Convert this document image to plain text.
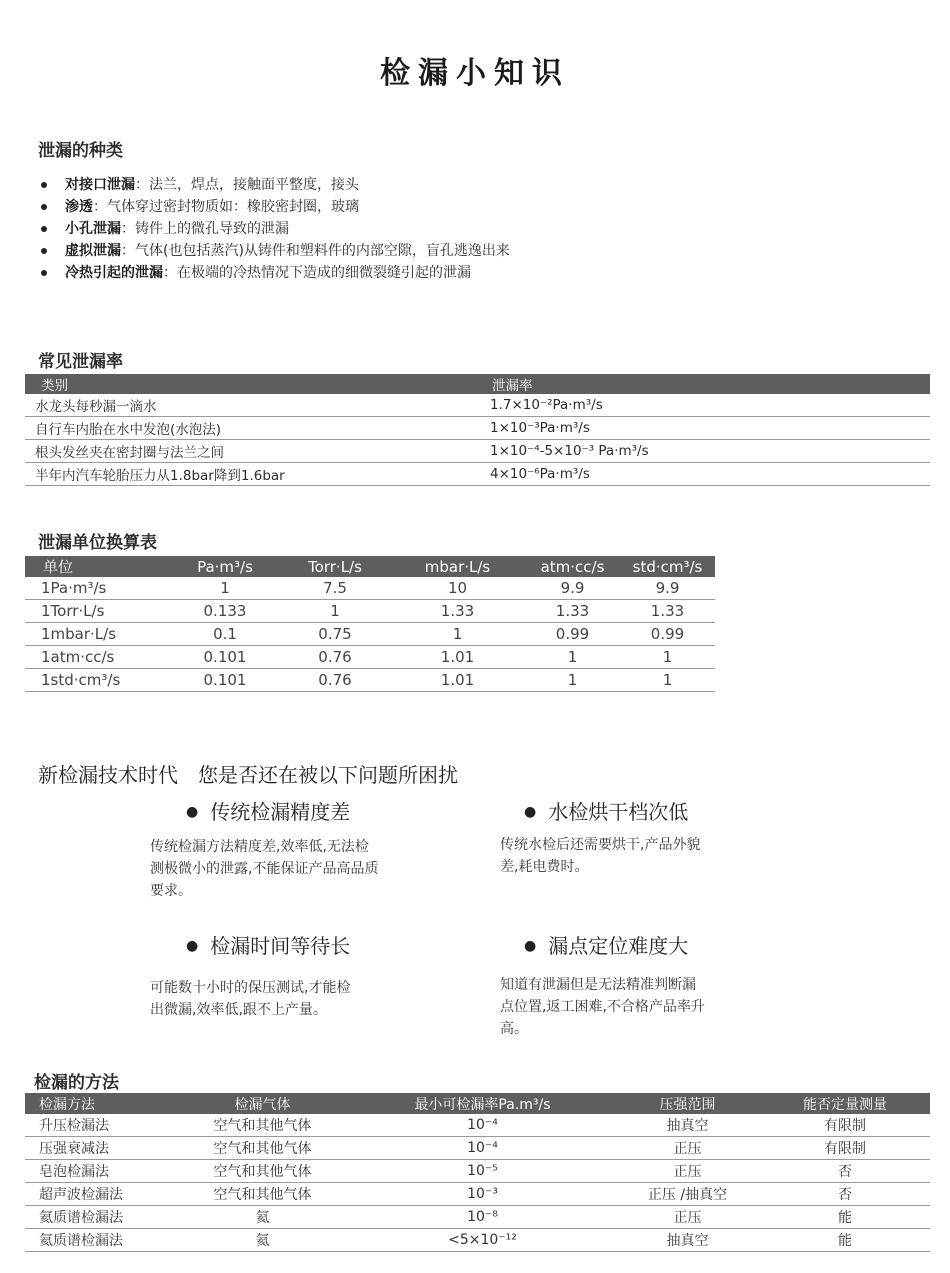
检漏小知识
泄漏的种类
对接口泄漏：法兰，焊点，接触面平整度，接头
渗透：气体穿过密封物质如：橡胶密封圈，玻璃
小孔泄漏：铸件上的微孔导致的泄漏
虚拟泄漏：气体(也包括蒸汽)从铸件和塑料件的内部空隙，盲孔逃逸出来
冷热引起的泄漏：在极端的冷热情况下造成的细微裂缝引起的泄漏
常见泄漏率
类别	泄漏率
水龙头每秒漏一滴水	1.7×10⁻²Pa·m³/s
自行车内胎在水中发泡(水泡法)	1×10⁻³Pa·m³/s
根头发丝夹在密封圈与法兰之间	1×10⁻⁴-5×10⁻³ Pa·m³/s
半年内汽车轮胎压力从1.8bar降到1.6bar	4×10⁻⁶Pa·m³/s
泄漏单位换算表
单位	Pa·m³/s	Torr·L/s	mbar·L/s	atm·cc/s	std·cm³/s
1Pa·m³/s	1	7.5	10	9.9	9.9
1Torr·L/s	0.133	1	1.33	1.33	1.33
1mbar·L/s	0.1	0.75	1	0.99	0.99
1atm·cc/s	0.101	0.76	1.01	1	1
1std·cm³/s	0.101	0.76	1.01	1	1
新检漏技术时代　您是否还在被以下问题所困扰
● 传统检漏精度差
传统检漏方法精度差,效率低,无法检
测极微小的泄露,不能保证产品高品质
要求。
● 水检烘干档次低
传统水检后还需要烘干,产品外貌
差,耗电费时。
● 检漏时间等待长
可能数十小时的保压测试,才能检
出微漏,效率低,跟不上产量。
● 漏点定位难度大
知道有泄漏但是无法精准判断漏
点位置,返工困难,不合格产品率升
高。
检漏的方法
检漏方法	检漏气体	最小可检漏率Pa.m³/s	压强范围	能否定量测量
升压检漏法	空气和其他气体	10⁻⁴	抽真空	有限制
压强衰减法	空气和其他气体	10⁻⁴	正压	有限制
皂泡检漏法	空气和其他气体	10⁻⁵	正压	否
超声波检漏法	空气和其他气体	10⁻³	正压 /抽真空	否
氦质谱检漏法	氦	10⁻⁸	正压	能
氦质谱检漏法	氦	<5×10⁻¹²	抽真空	能
